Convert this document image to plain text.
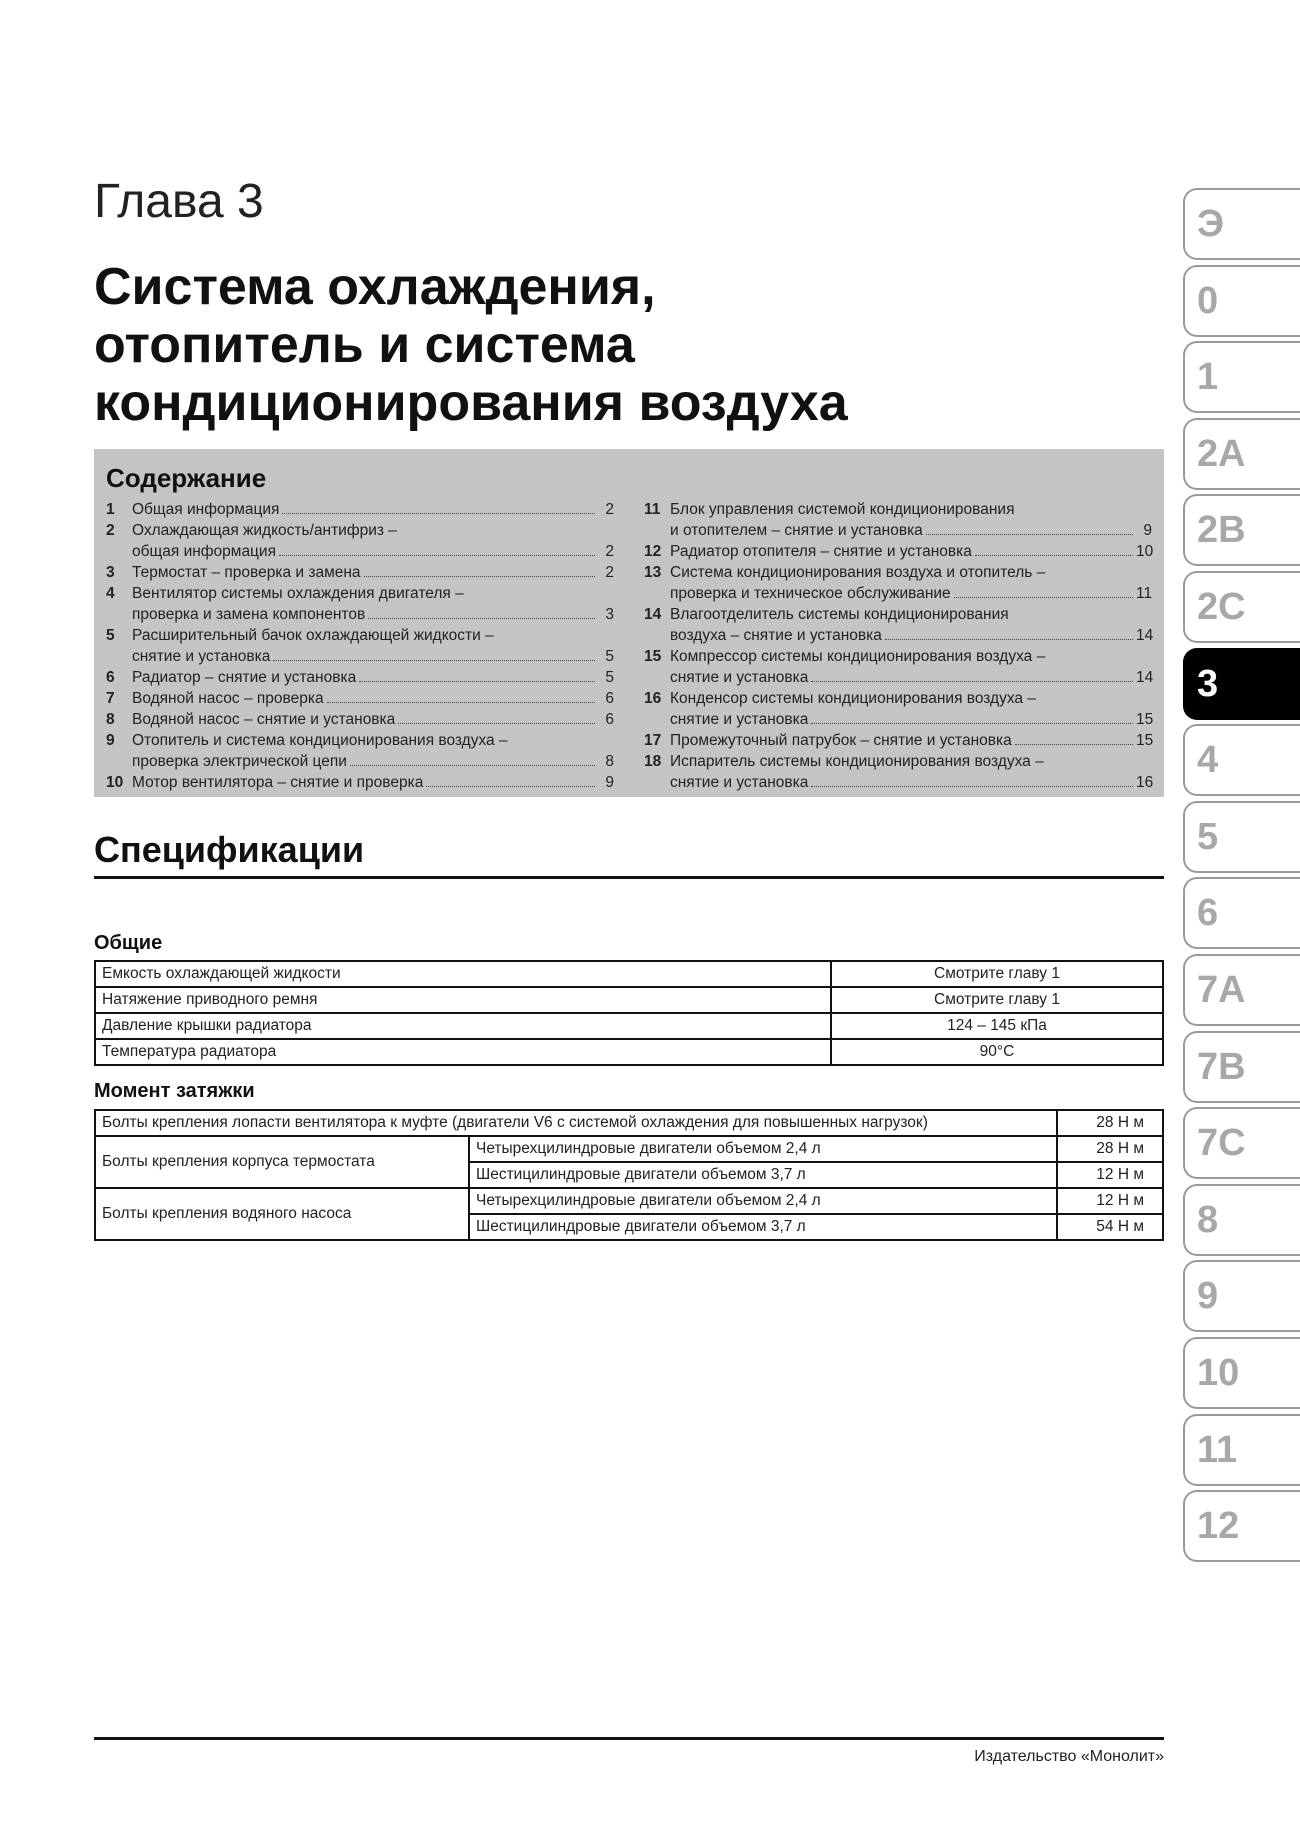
Глава 3
Система охлаждения,
отопитель и система
кондиционирования воздуха
Содержание
1	Общая информация	2
2	Охлаждающая жидкость/антифриз –
общая информация	2
3	Термостат – проверка и замена	2
4	Вентилятор системы охлаждения двигателя –
проверка и замена компонентов	3
5	Расширительный бачок охлаждающей жидкости –
снятие и установка	5
6	Радиатор – снятие и установка	5
7	Водяной насос – проверка	6
8	Водяной насос – снятие и установка	6
9	Отопитель и система кондиционирования воздуха –
проверка электрической цепи	8
10 Мотор вентилятора – снятие и проверка	9
11 Блок управления системой кондиционирования
и отопителем – снятие и установка	9
12 Радиатор отопителя – снятие и установка	10
13 Система кондиционирования воздуха и отопитель –
проверка и техническое обслуживание	11
14 Влагоотделитель системы кондиционирования
воздуха – снятие и установка	14
15 Компрессор системы кондиционирования воздуха –
снятие и установка	14
16 Конденсор системы кондиционирования воздуха –
снятие и установка	15
17 Промежуточный патрубок – снятие и установка	15
18 Испаритель системы кондиционирования воздуха –
снятие и установка	16
Спецификации
Общие
Емкость охлаждающей жидкости	Смотрите главу 1
Натяжение приводного ремня	Смотрите главу 1
Давление крышки радиатора	124 – 145 кПа
Температура радиатора	90°C
Момент затяжки
Болты крепления лопасти вентилятора к муфте (двигатели V6 с системой охлаждения для повышенных нагрузок)		28 Н м
Болты крепления корпуса термостата	Четырехцилиндровые двигатели объемом 2,4 л	28 Н м
	Шестицилиндровые двигатели объемом 3,7 л	12 Н м
Болты крепления водяного насоса	Четырехцилиндровые двигатели объемом 2,4 л	12 Н м
	Шестицилиндровые двигатели объемом 3,7 л	54 Н м
Э
0
1
2A
2B
2C
3
4
5
6
7A
7B
7C
8
9
10
11
12
Издательство «Монолит»
